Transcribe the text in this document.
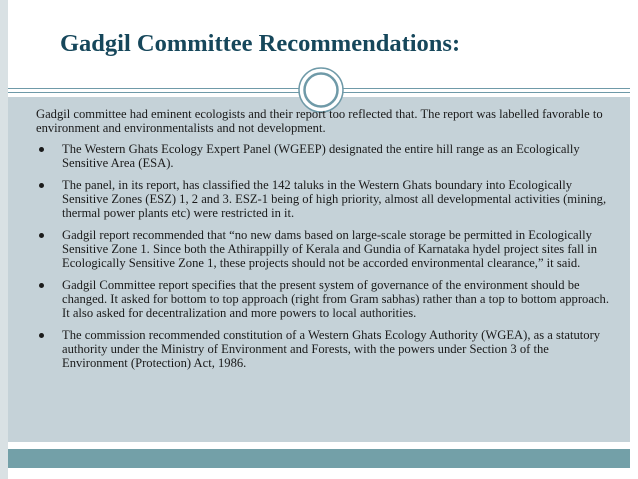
Gadgil Committee Recommendations:

Gadgil committee had eminent ecologists and their report too reflected that. The report was labelled favorable to environment and environmentalists and not development.

The Western Ghats Ecology Expert Panel (WGEEP) designated the entire hill range as an Ecologically Sensitive Area (ESA).
The panel, in its report, has classified the 142 taluks in the Western Ghats boundary into Ecologically Sensitive Zones (ESZ) 1, 2 and 3. ESZ-1 being of high priority, almost all developmental activities (mining, thermal power plants etc) were restricted in it.
Gadgil report recommended that “no new dams based on large-scale storage be permitted in Ecologically Sensitive Zone 1. Since both the Athirappilly of Kerala and Gundia of Karnataka hydel project sites fall in Ecologically Sensitive Zone 1, these projects should not be accorded environmental clearance,” it said.
Gadgil Committee report specifies that the present system of governance of the environment should be changed. It asked for bottom to top approach (right from Gram sabhas) rather than a top to bottom approach. It also asked for decentralization and more powers to local authorities.
The commission recommended constitution of a Western Ghats Ecology Authority (WGEA), as a statutory authority under the Ministry of Environment and Forests, with the powers under Section 3 of the Environment (Protection) Act, 1986.
